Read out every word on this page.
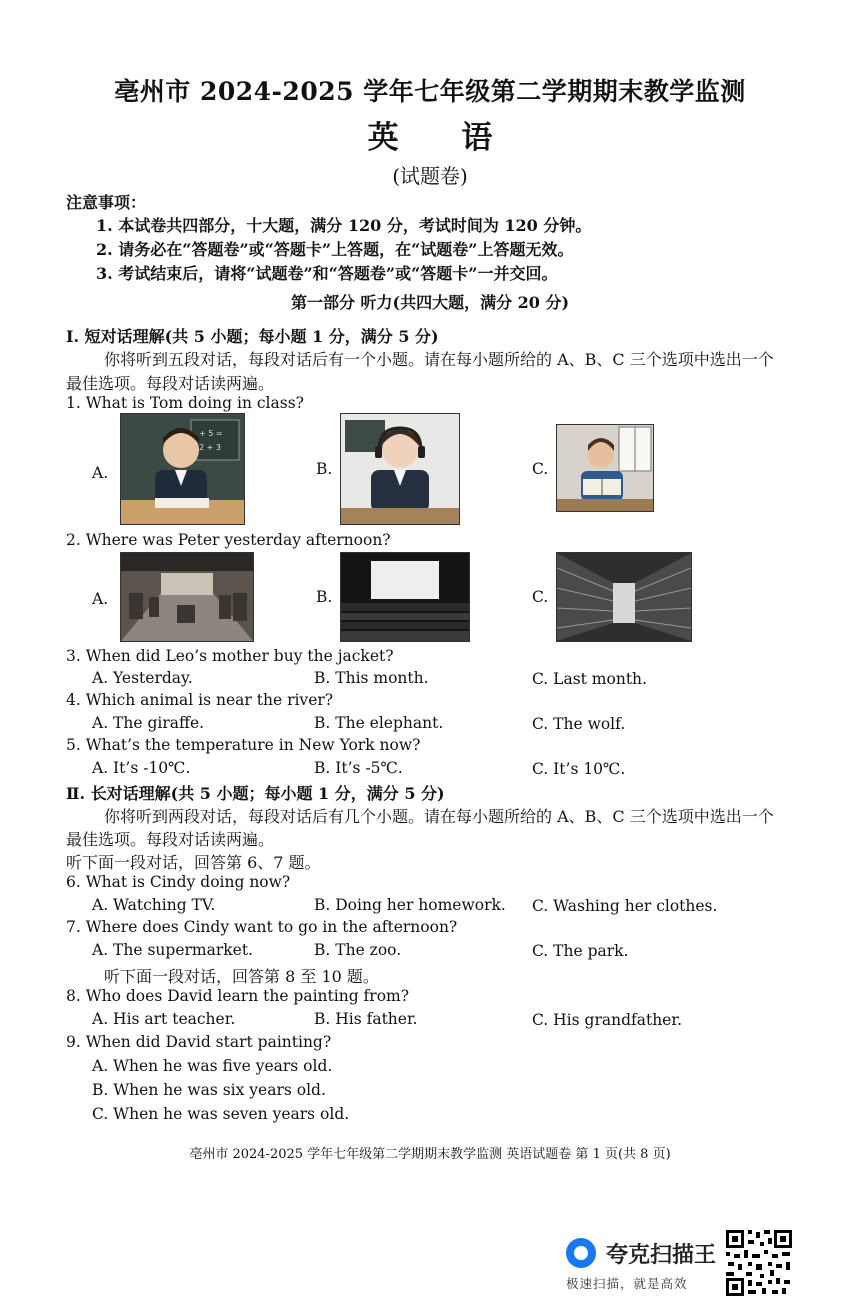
亳州市 2024-2025 学年七年级第二学期期末教学监测
英 语
(试题卷)
注意事项：
1. 本试卷共四部分，十大题，满分 120 分，考试时间为 120 分钟。
2. 请务必在“答题卷”或“答题卡”上答题，在“试题卷”上答题无效。
3. 考试结束后，请将“试题卷”和“答题卷”或“答题卡”一并交回。
第一部分 听力(共四大题，满分 20 分)
Ⅰ. 短对话理解(共 5 小题；每小题 1 分，满分 5 分)
你将听到五段对话，每段对话后有一个小题。请在每小题所给的 A、B、C 三个选项中选出一个
最佳选项。每段对话读两遍。
1. What is Tom doing in class?
A.
+ 5 =
2 + 3
B.	C.
2. Where was Peter yesterday afternoon?
A.	B.	C.
3. When did Leo’s mother buy the jacket?
A. Yesterday.	B. This month.	C. Last month.
4. Which animal is near the river?
A. The giraffe.	B. The elephant.	C. The wolf.
5. What’s the temperature in New York now?
A. It’s -10℃.	B. It’s -5℃.	C. It’s 10℃.
Ⅱ. 长对话理解(共 5 小题；每小题 1 分，满分 5 分)
你将听到两段对话，每段对话后有几个小题。请在每小题所给的 A、B、C 三个选项中选出一个
最佳选项。每段对话读两遍。
听下面一段对话，回答第 6、7 题。
6. What is Cindy doing now?
A. Watching TV.	B. Doing her homework. C. Washing her clothes.
7. Where does Cindy want to go in the afternoon?
A. The supermarket.	B. The zoo.	C. The park.
听下面一段对话，回答第 8 至 10 题。
8. Who does David learn the painting from?
A. His art teacher.	B. His father.	C. His grandfather.
9. When did David start painting?
A. When he was five years old.
B. When he was six years old.
C. When he was seven years old.
亳州市 2024-2025 学年七年级第二学期期末教学监测 英语试题卷 第 1 页(共 8 页)
夸克扫描王
极速扫描，就是高效
